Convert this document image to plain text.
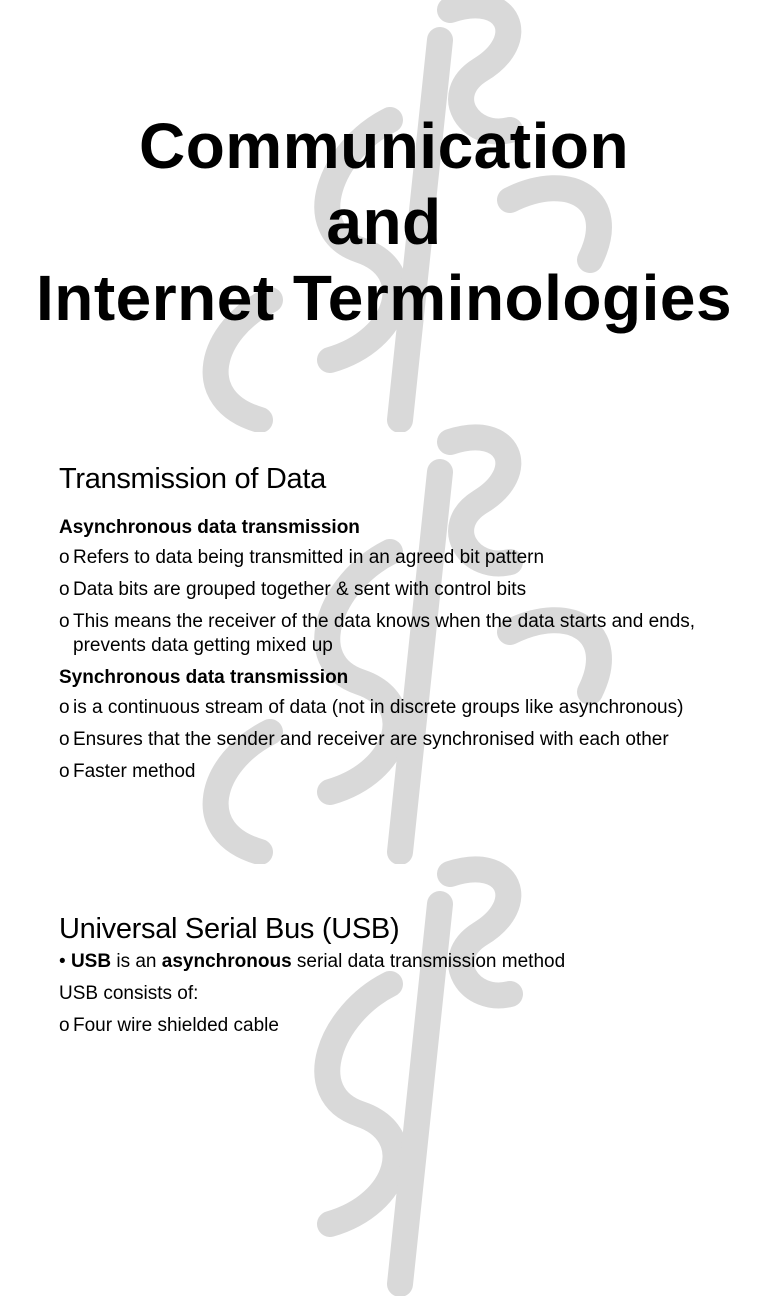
Communication
and
Internet Terminologies
Transmission of Data

Asynchronous data transmission

o Refers to data being transmitted in an agreed bit pattern

o Data bits are grouped together & sent with control bits

o This means the receiver of the data knows when the data starts and ends, prevents data getting mixed up

Synchronous data transmission

o is a continuous stream of data (not in discrete groups like asynchronous)

o Ensures that the sender and receiver are synchronised with each other

o Faster method

Universal Serial Bus (USB)

• USB is an asynchronous serial data transmission method

USB consists of:

o Four wire shielded cable
